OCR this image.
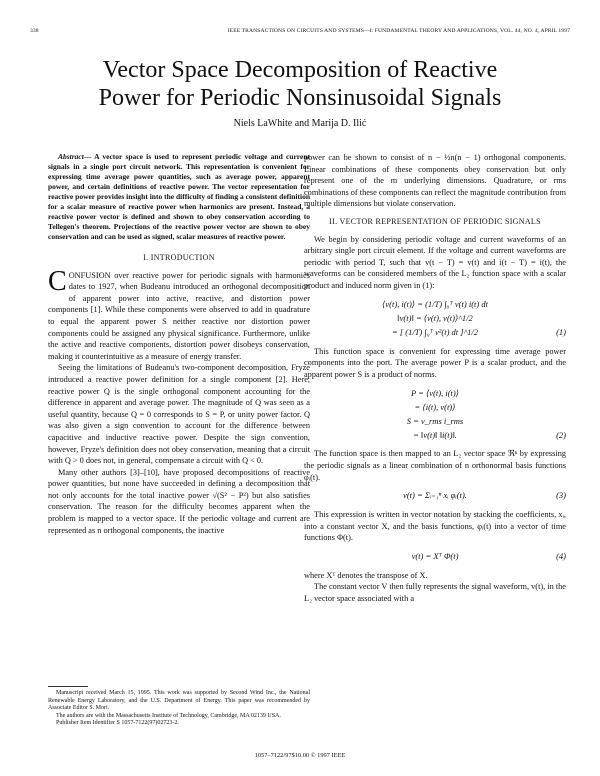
338	IEEE TRANSACTIONS ON CIRCUITS AND SYSTEMS—I: FUNDAMENTAL THEORY AND APPLICATIONS, VOL. 44, NO. 4, APRIL 1997
Vector Space Decomposition of Reactive
Power for Periodic Nonsinusoidal Signals
Niels LaWhite and Marija D. Ilić
Abstract— A vector space is used to represent periodic voltage and current signals in a single port circuit network. This representation is convenient for expressing time average power quantities, such as average power, apparent power, and certain definitions of reactive power. The vector representation for reactive power provides insight into the difficulty of finding a consistent definition for a scalar measure of reactive power when harmonics are present. Instead, a reactive power vector is defined and shown to obey conservation according to Tellegen's theorem. Projections of the reactive power vector are shown to obey conservation and can be used as signed, scalar measures of reactive power.
I. INTRODUCTION

CONFUSION over reactive power for periodic signals with harmonics dates to 1927, when Budeanu introduced an orthogonal decomposition of apparent power into active, reactive, and distortion power components [1]. While these components were observed to add in quadrature to equal the apparent power S neither reactive nor distortion power components could be assigned any physical significance. Furthermore, unlike the active and reactive components, distortion power disobeys conservation, making it counterintuitive as a measure of energy transfer.

Seeing the limitations of Budeanu's two-component decomposition, Fryze introduced a reactive power definition for a single component [2]. Here, reactive power Q is the single orthogonal component accounting for the difference in apparent and average power. The magnitude of Q was seen as a useful quantity, because Q = 0 corresponds to S = P, or unity power factor. Q was also given a sign convention to account for the difference between capacitive and inductive reactive power. Despite the sign convention, however, Fryze's definition does not obey conservation, meaning that a circuit with Q > 0 does not, in general, compensate a circuit with Q < 0.

Many other authors [3]–[10], have proposed decompositions of reactive power quantities, but none have succeeded in defining a decomposition that not only accounts for the total inactive power √(S² − P²) but also satisfies conservation. The reason for the difficulty becomes apparent when the problem is mapped to a vector space. If the periodic voltage and current are represented as n orthogonal components, the inactive

Manuscript received March 15, 1995. This work was supported by Second Wind Inc., the National Renewable Energy Laboratory, and the U.S. Department of Energy. This paper was recommended by Associate Editor S. Mori.

The authors are with the Massachusetts Institute of Technology, Cambridge, MA 02139 USA.

Publisher Item Identifier S 1057-7122(97)02723-2.

power can be shown to consist of n − ½n(n − 1) orthogonal components. Linear combinations of these components obey conservation but only represent one of the m underlying dimensions. Quadrature, or rms combinations of these components can reflect the magnitude contribution from multiple dimensions but violate conservation.

II. VECTOR REPRESENTATION OF PERIODIC SIGNALS

We begin by considering periodic voltage and current waveforms of an arbitrary single port circuit element. If the voltage and current waveforms are periodic with period T, such that v(t − T) = v(t) and i(t − T) = i(t), the waveforms can be considered members of the L₂ function space with a scalar product and induced norm given in (1):

⟨v(t), i(t)⟩ = (1/T) ∫₀ᵀ v(t) i(t) dt
‖v(t)‖ = ⟨v(t), v(t)⟩^1/2
= [ (1/T) ∫₀ᵀ v²(t) dt ]^1/2	(1)

This function space is convenient for expressing time average power components into the port. The average power P is a scalar product, and the apparent power S is a product of norms.

P = ⟨v(t), i(t)⟩
= ⟨i(t), v(t)⟩
S = v_rms i_rms
= ‖v(t)‖ ‖i(t)‖.	(2)

The function space is then mapped to an L₂ vector space ℜⁿ by expressing the periodic signals as a linear combination of n orthonormal basis functions φᵢ(t).

v(t) = Σᵢ₌₁ⁿ xᵢ φᵢ(t).	(3)

This expression is written in vector notation by stacking the coefficients, xᵢ, into a constant vector X, and the basis functions, φᵢ(t) into a vector of time functions Φ(t).

v(t) = Xᵀ Φ(t)	(4)

where Xᵀ denotes the transpose of X.

The constant vector V then fully represents the signal waveform, v(t), in the L₂ vector space associated with a

1057–7122/97$10.00 © 1997 IEEE
